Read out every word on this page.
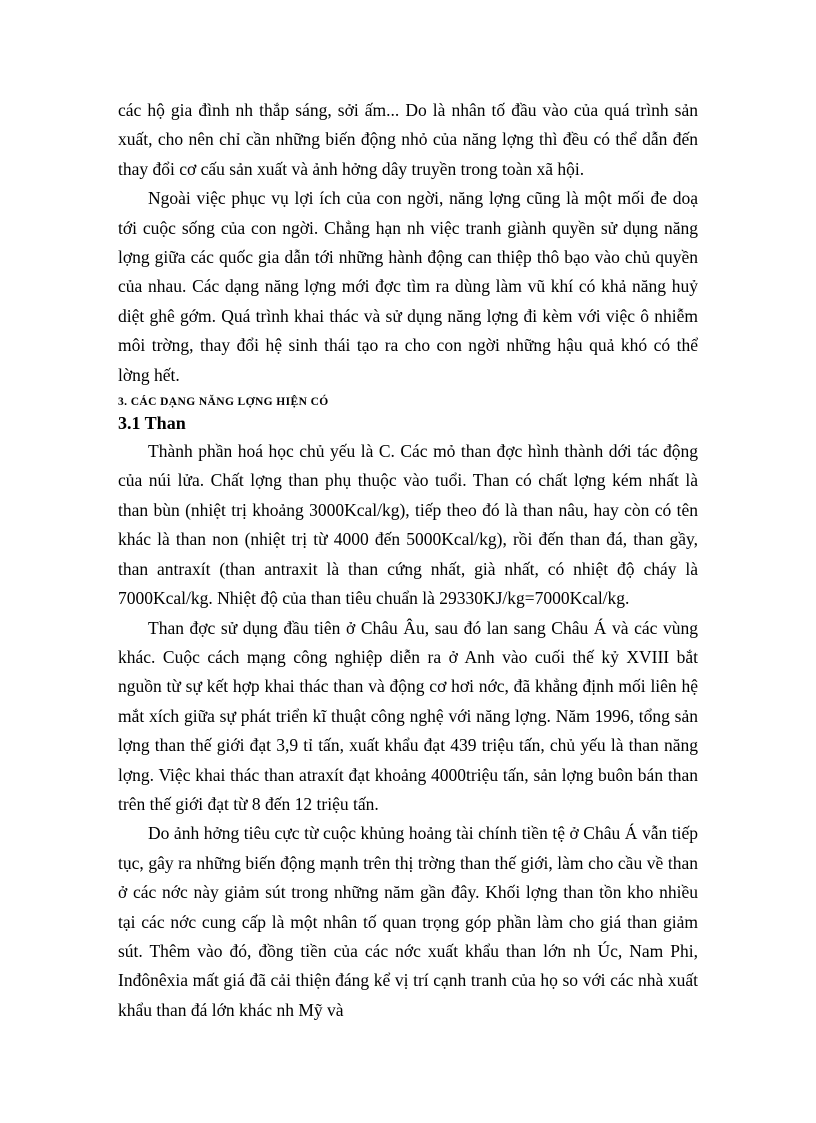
các hộ gia đình nh thắp sáng, sởi ấm... Do là nhân tố đầu vào của quá trình sản xuất, cho nên chỉ cần những biến động nhỏ của năng lợng thì đều có thể dẫn đến thay đổi cơ cấu sản xuất và ảnh hởng dây truyền trong toàn xã hội.

Ngoài việc phục vụ lợi ích của con ngời, năng lợng cũng là một mối đe doạ tới cuộc sống của con ngời. Chẳng hạn nh việc tranh giành quyền sử dụng năng lợng giữa các quốc gia dẫn tới những hành động can thiệp thô bạo vào chủ quyền của nhau. Các dạng năng lợng mới đợc tìm ra dùng làm vũ khí có khả năng huỷ diệt ghê gớm. Quá trình khai thác và sử dụng năng lợng đi kèm với việc ô nhiễm môi trờng, thay đổi hệ sinh thái tạo ra cho con ngời những hậu quả khó có thể lờng hết.

3. CÁC DẠNG NĂNG LỢNG HIỆN CÓ
3.1 Than

Thành phần hoá học chủ yếu là C. Các mỏ than đợc hình thành dới tác động của núi lửa. Chất lợng than phụ thuộc vào tuổi. Than có chất lợng kém nhất là than bùn (nhiệt trị khoảng 3000Kcal/kg), tiếp theo đó là than nâu, hay còn có tên khác là than non (nhiệt trị từ 4000 đến 5000Kcal/kg), rồi đến than đá, than gầy, than antraxít (than antraxit là than cứng nhất, già nhất, có nhiệt độ cháy là 7000Kcal/kg. Nhiệt độ của than tiêu chuẩn là 29330KJ/kg=7000Kcal/kg.

Than đợc sử dụng đầu tiên ở Châu Âu, sau đó lan sang Châu Á và các vùng khác. Cuộc cách mạng công nghiệp diễn ra ở Anh vào cuối thế kỷ XVIII bắt nguồn từ sự kết hợp khai thác than và động cơ hơi nớc, đã khẳng định mối liên hệ mắt xích giữa sự phát triển kĩ thuật công nghệ với năng lợng. Năm 1996, tổng sản lợng than thế giới đạt 3,9 tỉ tấn, xuất khẩu đạt 439 triệu tấn, chủ yếu là than năng lợng. Việc khai thác than atraxít đạt khoảng 4000triệu tấn, sản lợng buôn bán than trên thế giới đạt từ 8 đến 12 triệu tấn.

Do ảnh hởng tiêu cực từ cuộc khủng hoảng tài chính tiền tệ ở Châu Á vẫn tiếp tục, gây ra những biến động mạnh trên thị trờng than thế giới, làm cho cầu về than ở các nớc này giảm sút trong những năm gần đây. Khối lợng than tồn kho nhiều tại các nớc cung cấp là một nhân tố quan trọng góp phần làm cho giá than giảm sút. Thêm vào đó, đồng tiền của các nớc xuất khẩu than lớn nh Úc, Nam Phi, Inđônêxia mất giá đã cải thiện đáng kể vị trí cạnh tranh của họ so với các nhà xuất khẩu than đá lớn khác nh Mỹ và
